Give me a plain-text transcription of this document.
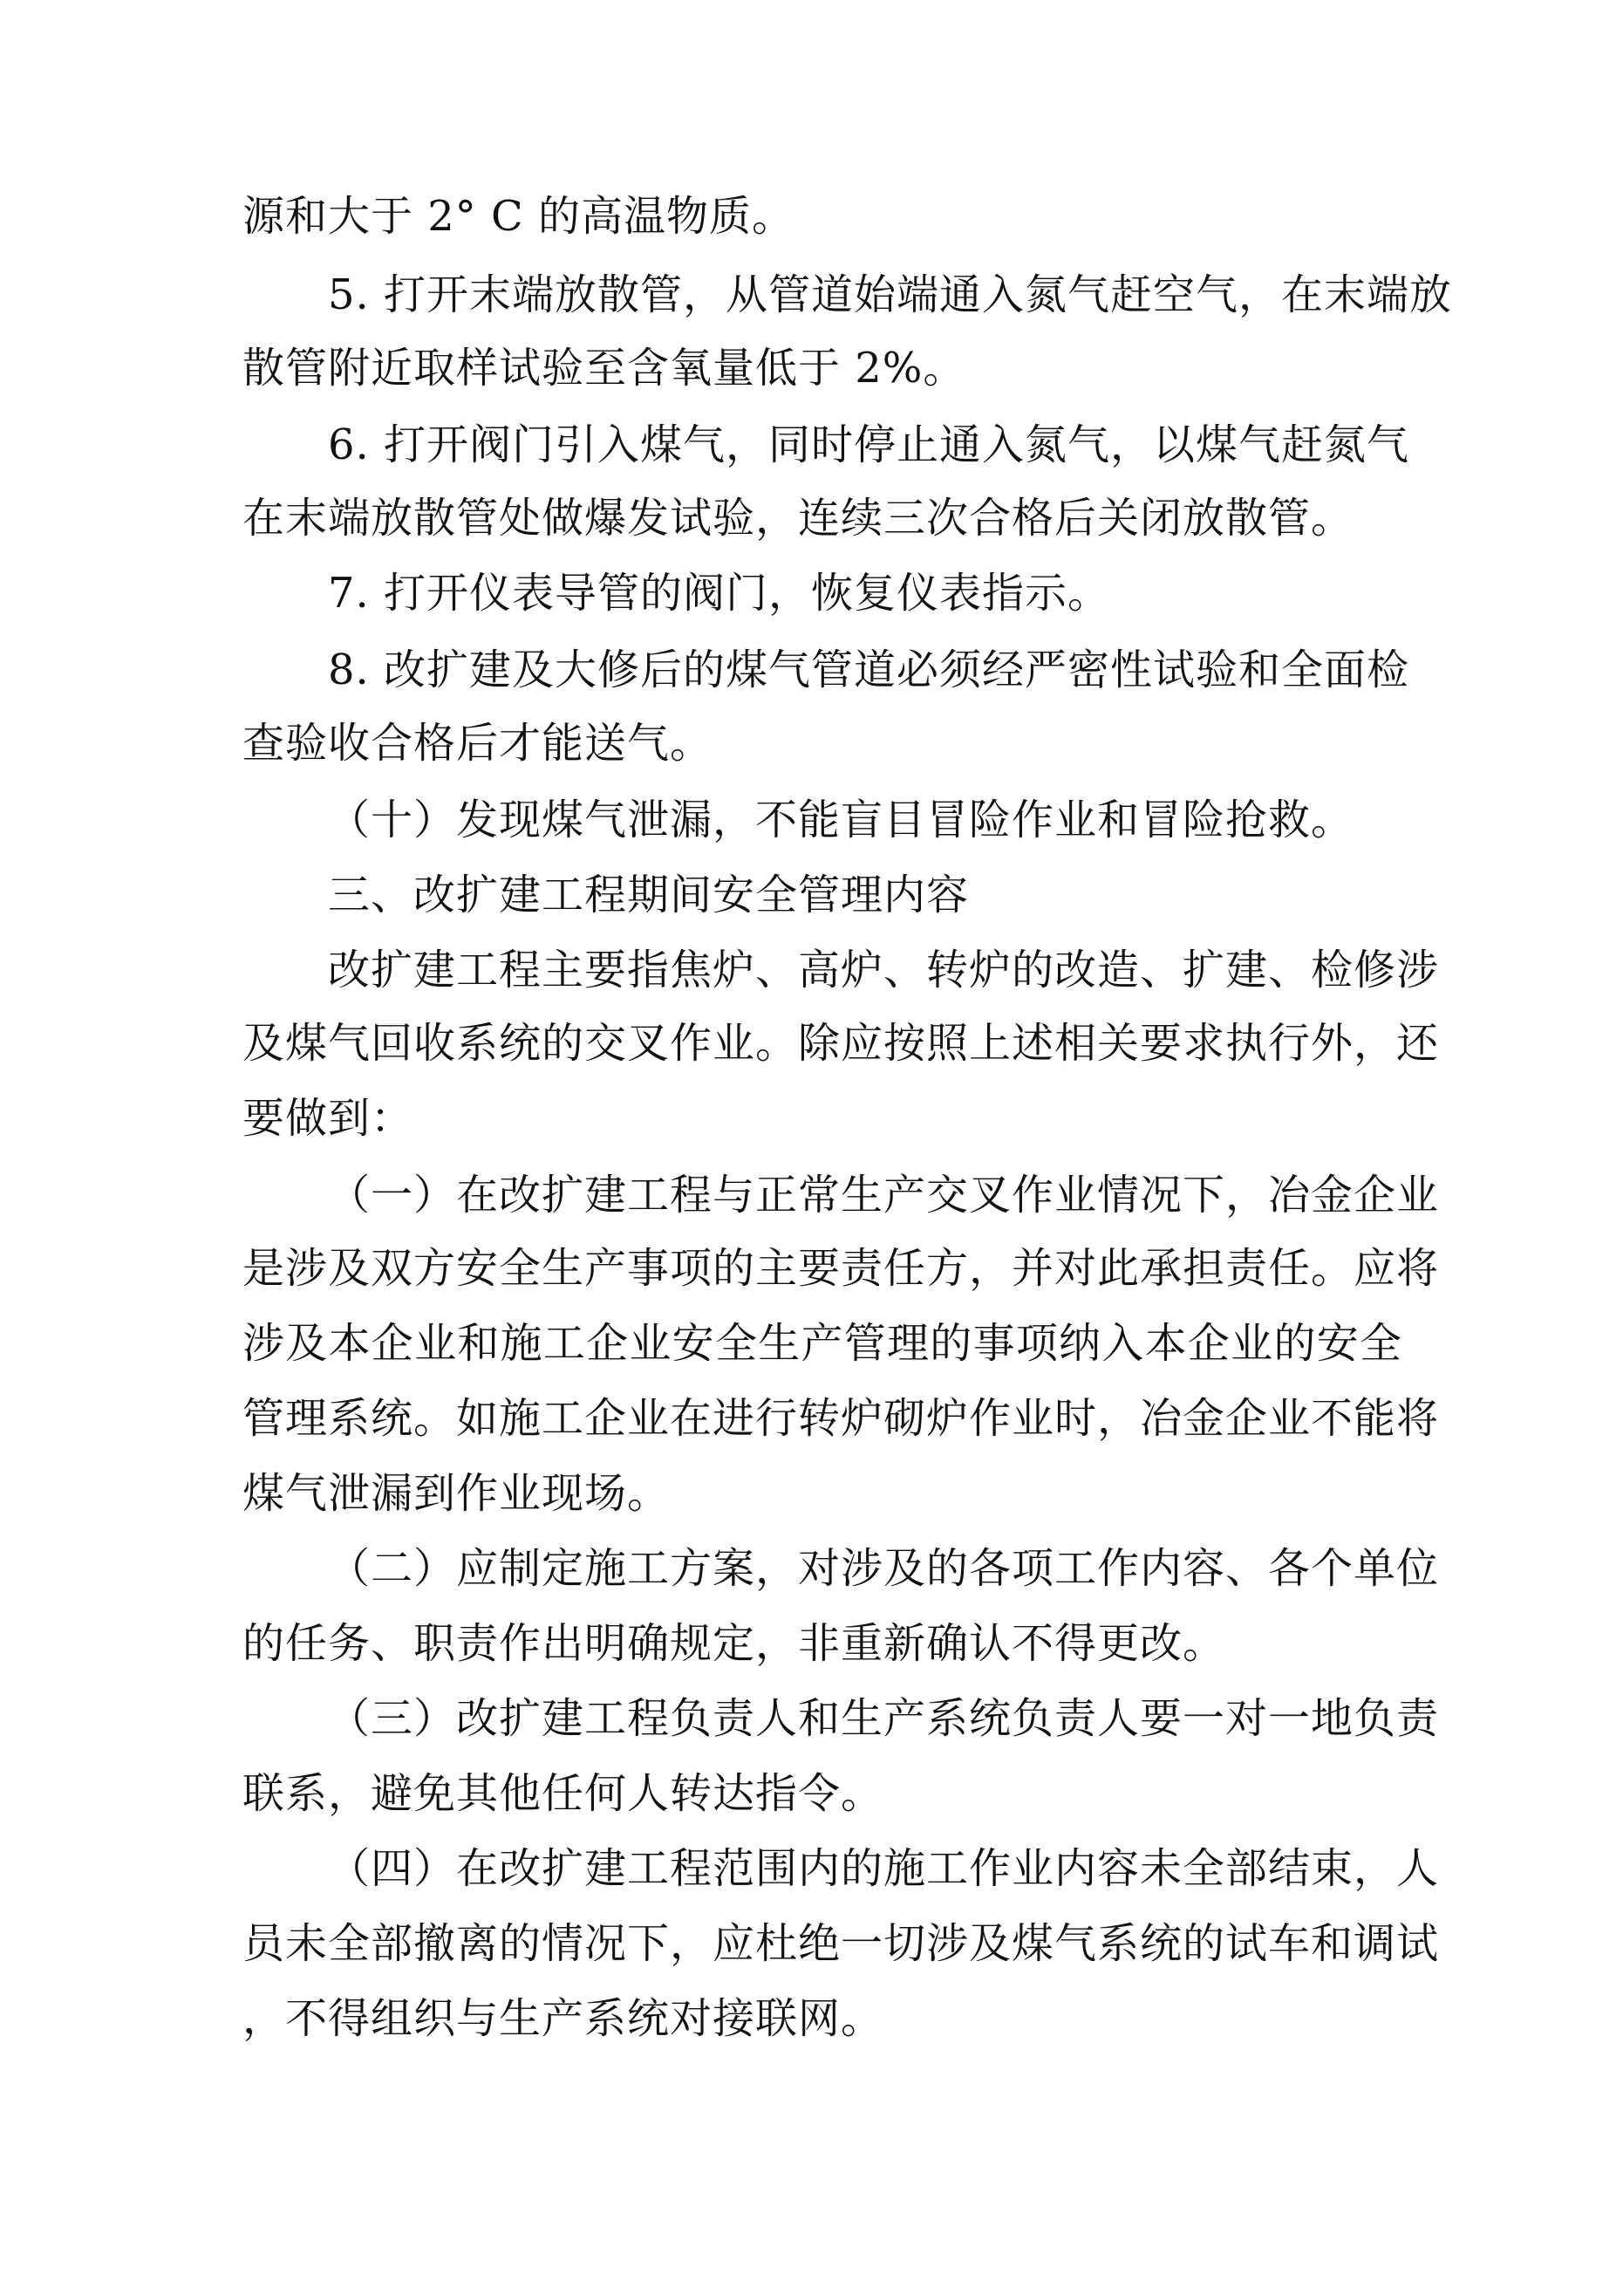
源和大于 2° C 的高温物质。
5. 打开末端放散管，从管道始端通入氮气赶空气，在末端放
散管附近取样试验至含氧量低于 2%。
6. 打开阀门引入煤气，同时停止通入氮气，以煤气赶氮气
在末端放散管处做爆发试验，连续三次合格后关闭放散管。
7. 打开仪表导管的阀门，恢复仪表指示。
8. 改扩建及大修后的煤气管道必须经严密性试验和全面检
查验收合格后才能送气。
（十）发现煤气泄漏，不能盲目冒险作业和冒险抢救。
三、改扩建工程期间安全管理内容
改扩建工程主要指焦炉、高炉、转炉的改造、扩建、检修涉
及煤气回收系统的交叉作业。除应按照上述相关要求执行外，还
要做到：
（一）在改扩建工程与正常生产交叉作业情况下，冶金企业
是涉及双方安全生产事项的主要责任方，并对此承担责任。应将
涉及本企业和施工企业安全生产管理的事项纳入本企业的安全
管理系统。如施工企业在进行转炉砌炉作业时，冶金企业不能将
煤气泄漏到作业现场。
（二）应制定施工方案，对涉及的各项工作内容、各个单位
的任务、职责作出明确规定，非重新确认不得更改。
（三）改扩建工程负责人和生产系统负责人要一对一地负责
联系，避免其他任何人转达指令。
（四）在改扩建工程范围内的施工作业内容未全部结束，人
员未全部撤离的情况下，应杜绝一切涉及煤气系统的试车和调试
，不得组织与生产系统对接联网。
